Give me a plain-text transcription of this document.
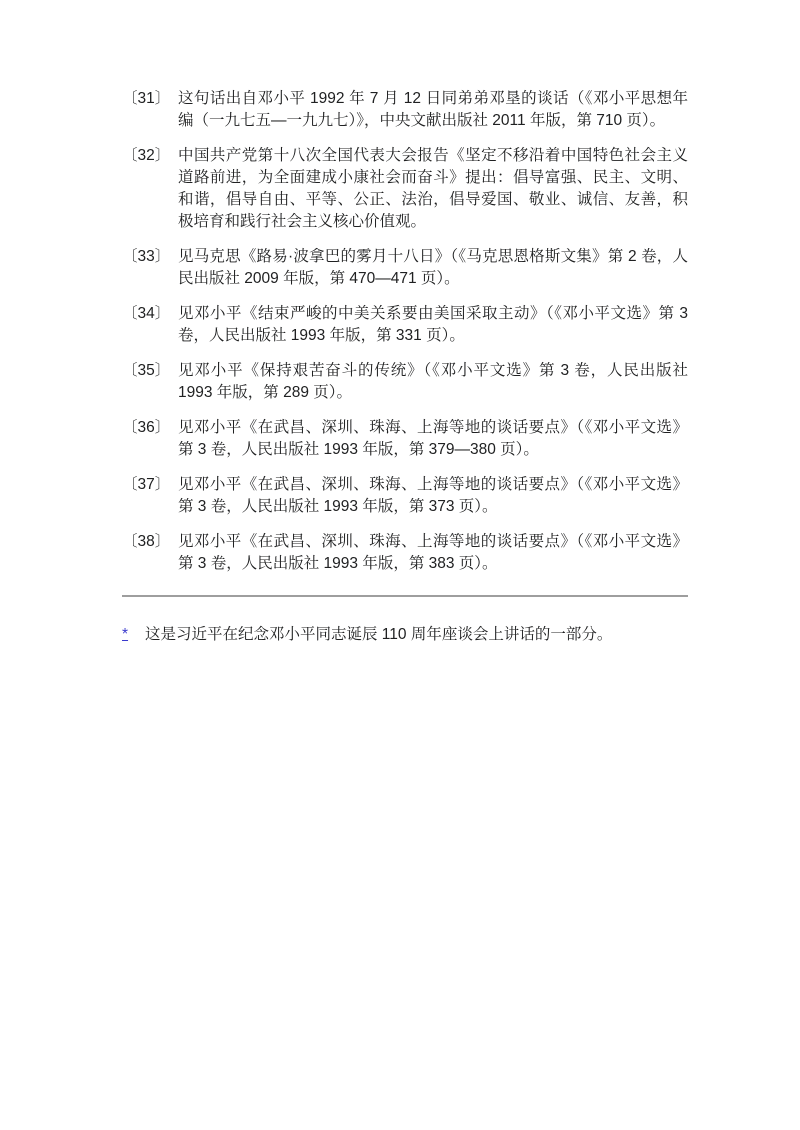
〔31〕 这句话出自邓小平 1992 年 7 月 12 日同弟弟邓垦的谈话（《邓小平思想年编（一九七五—一九九七）》，中央文献出版社 2011 年版，第 710 页）。
〔32〕 中国共产党第十八次全国代表大会报告《坚定不移沿着中国特色社会主义道路前进，为全面建成小康社会而奋斗》提出：倡导富强、民主、文明、和谐，倡导自由、平等、公正、法治，倡导爱国、敬业、诚信、友善，积极培育和践行社会主义核心价值观。
〔33〕 见马克思《路易·波拿巴的雾月十八日》（《马克思恩格斯文集》第 2 卷，人民出版社 2009 年版，第 470—471 页）。
〔34〕 见邓小平《结束严峻的中美关系要由美国采取主动》（《邓小平文选》第 3 卷，人民出版社 1993 年版，第 331 页）。
〔35〕 见邓小平《保持艰苦奋斗的传统》（《邓小平文选》第 3 卷，人民出版社 1993 年版，第 289 页）。
〔36〕 见邓小平《在武昌、深圳、珠海、上海等地的谈话要点》（《邓小平文选》第 3 卷，人民出版社 1993 年版，第 379—380 页）。
〔37〕 见邓小平《在武昌、深圳、珠海、上海等地的谈话要点》（《邓小平文选》第 3 卷，人民出版社 1993 年版，第 373 页）。
〔38〕 见邓小平《在武昌、深圳、珠海、上海等地的谈话要点》（《邓小平文选》第 3 卷，人民出版社 1993 年版，第 383 页）。
*	这是习近平在纪念邓小平同志诞辰 110 周年座谈会上讲话的一部分。
